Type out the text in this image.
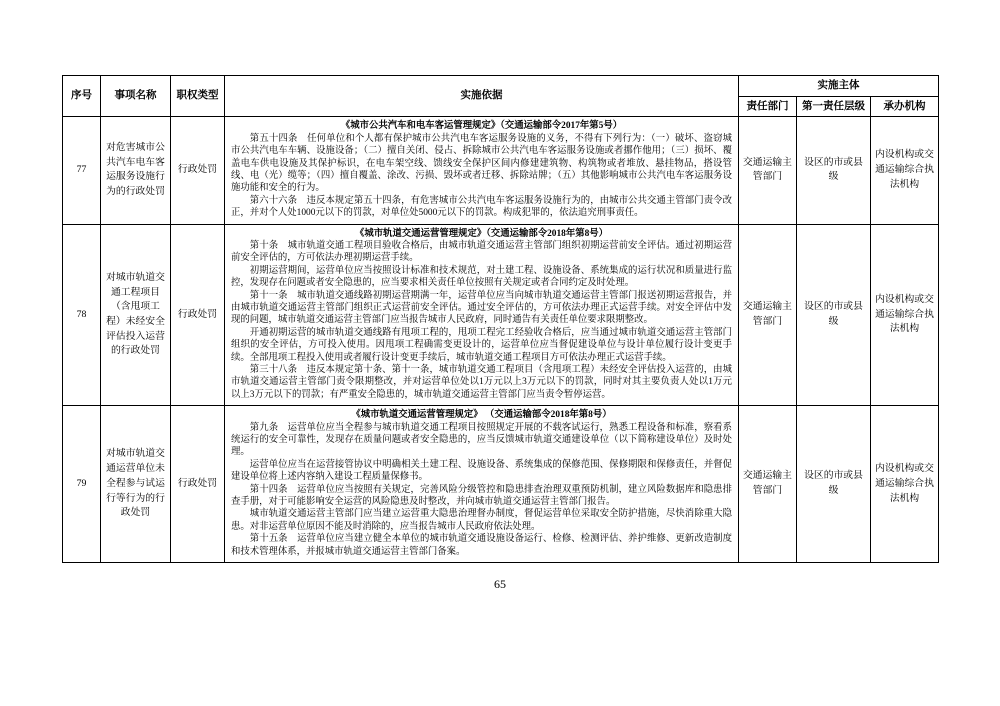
序号	事项名称	职权类型	实施依据	实施主体		
				责任部门	第一责任层级	承办机构
77	对危害城市公共汽车电车客运服务设施行为的行政处罚	行政处罚	《城市公共汽车和电车客运管理规定》（交通运输部令2017年第5号）

第五十四条　任何单位和个人都有保护城市公共汽电车客运服务设施的义务，不得有下列行为：（一）破坏、盗窃城市公共汽电车车辆、设施设备；（二）擅自关闭、侵占、拆除城市公共汽电车客运服务设施或者挪作他用；（三）损坏、覆盖电车供电设施及其保护标识，在电车架空线、馈线安全保护区间内修建建筑物、构筑物或者堆放、悬挂物品，搭设管线、电（光）缆等；（四）擅自覆盖、涂改、污损、毁坏或者迁移、拆除站牌；（五）其他影响城市公共汽电车客运服务设施功能和安全的行为。

第六十六条　违反本规定第五十四条，有危害城市公共汽电车客运服务设施行为的，由城市公共交通主管部门责令改正，并对个人处1000元以下的罚款，对单位处5000元以下的罚款。构成犯罪的，依法追究刑事责任。	交通运输主管部门	设区的市或县级	内设机构或交通运输综合执法机构
78	对城市轨道交通工程项目（含甩项工程）未经安全评估投入运营的行政处罚	行政处罚	
《城市轨道交通运营管理规定》（交通运输部令2018年第8号）

第十条　城市轨道交通工程项目验收合格后，由城市轨道交通运营主管部门组织初期运营前安全评估。通过初期运营前安全评估的，方可依法办理初期运营手续。

初期运营期间，运营单位应当按照设计标准和技术规范，对土建工程、设施设备、系统集成的运行状况和质量进行监控，发现存在问题或者安全隐患的，应当要求相关责任单位按照有关规定或者合同约定及时处理。

第十一条　城市轨道交通线路初期运营期满一年，运营单位应当向城市轨道交通运营主管部门报送初期运营报告，并由城市轨道交通运营主管部门组织正式运营前安全评估。通过安全评估的，方可依法办理正式运营手续。对安全评估中发现的问题，城市轨道交通运营主管部门应当报告城市人民政府，同时通告有关责任单位要求限期整改。

开通初期运营的城市轨道交通线路有甩项工程的，甩项工程完工经验收合格后，应当通过城市轨道交通运营主管部门组织的安全评估，方可投入使用。因甩项工程确需变更设计的，运营单位应当督促建设单位与设计单位履行设计变更手续。全部甩项工程投入使用或者履行设计变更手续后，城市轨道交通工程项目方可依法办理正式运营手续。

第三十八条　违反本规定第十条、第十一条，城市轨道交通工程项目（含甩项工程）未经安全评估投入运营的，由城市轨道交通运营主管部门责令限期整改，并对运营单位处以1万元以上3万元以下的罚款，同时对其主要负责人处以1万元以上3万元以下的罚款；有严重安全隐患的，城市轨道交通运营主管部门应当责令暂停运营。

	交通运输主管部门	设区的市或县级	内设机构或交通运输综合执法机构
79	对城市轨道交通运营单位未全程参与试运行等行为的行政处罚	行政处罚	
《城市轨道交通运营管理规定》 （交通运输部令2018年第8号）

第九条　运营单位应当全程参与城市轨道交通工程项目按照规定开展的不载客试运行，熟悉工程设备和标准，察看系统运行的安全可靠性，发现存在质量问题或者安全隐患的，应当反馈城市轨道交通建设单位（以下简称建设单位）及时处理。

运营单位应当在运营接管协议中明确相关土建工程、设施设备、系统集成的保修范围、保修期限和保修责任，并督促建设单位将上述内容纳入建设工程质量保修书。

第十四条　运营单位应当按照有关规定，完善风险分级管控和隐患排查治理双重预防机制，建立风险数据库和隐患排查手册，对于可能影响安全运营的风险隐患及时整改，并向城市轨道交通运营主管部门报告。

城市轨道交通运营主管部门应当建立运营重大隐患治理督办制度，督促运营单位采取安全防护措施，尽快消除重大隐患。对非运营单位原因不能及时消除的，应当报告城市人民政府依法处理。

第十五条　运营单位应当建立健全本单位的城市轨道交通设施设备运行、检修、检测评估、养护维修、更新改造制度和技术管理体系，并报城市轨道交通运营主管部门备案。

	交通运输主管部门	设区的市或县级	内设机构或交通运输综合执法机构
65
